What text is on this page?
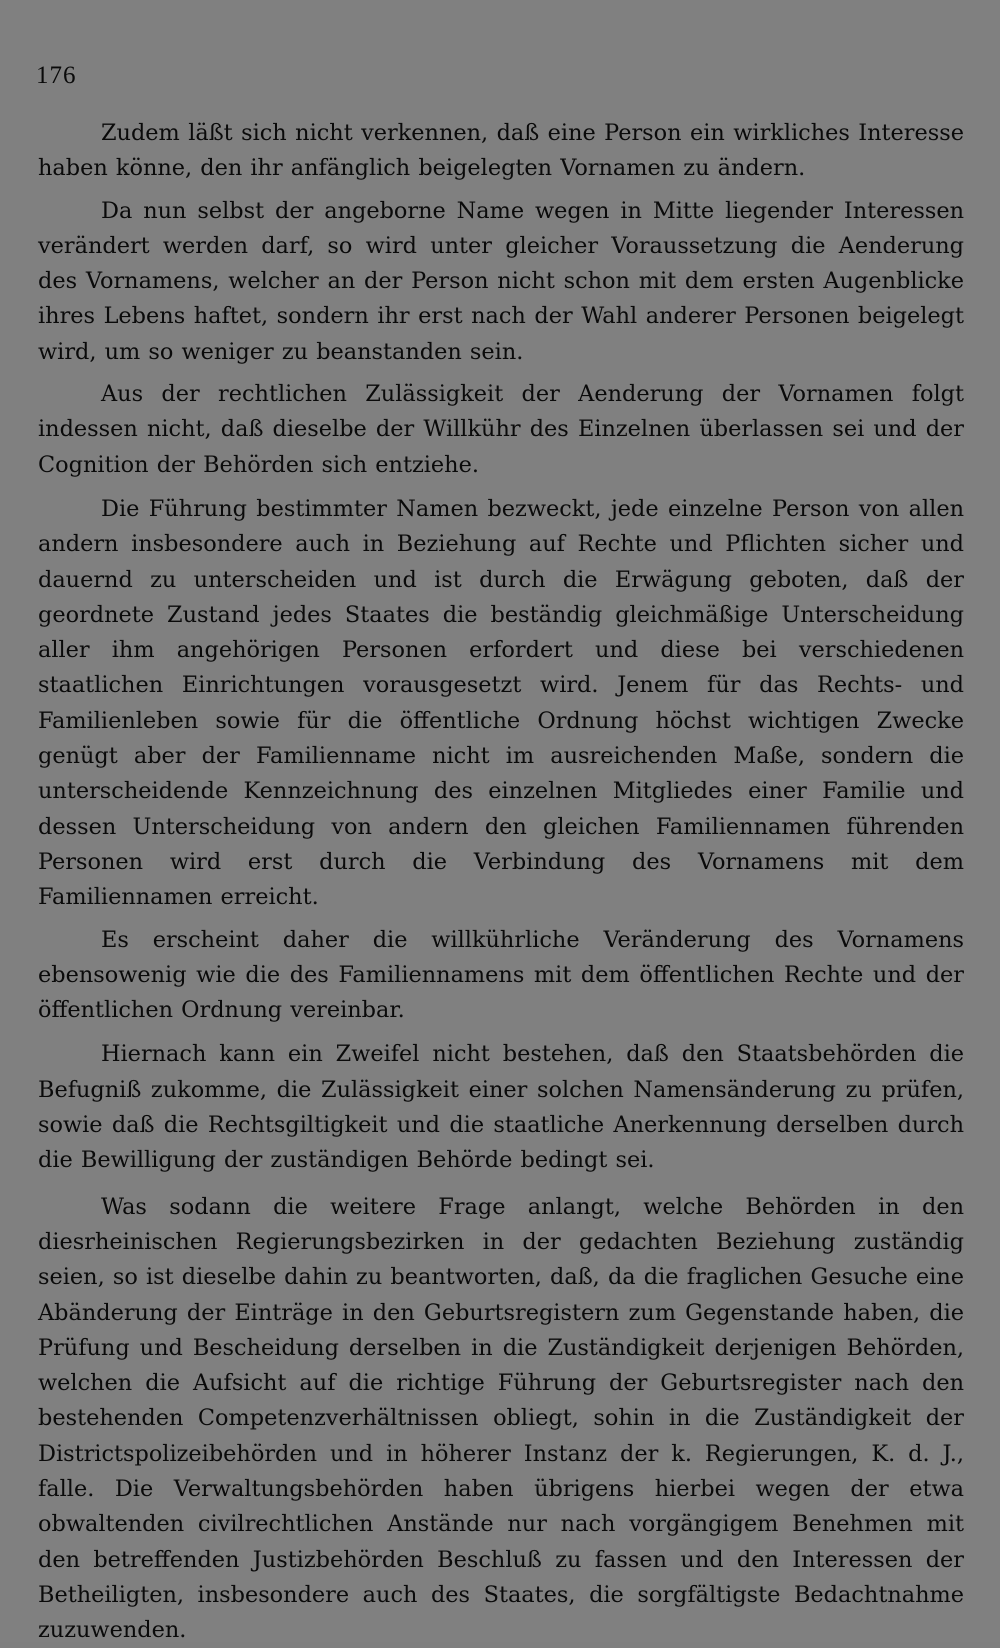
176

Zudem läßt sich nicht verkennen, daß eine Person ein wirkliches Interesse haben könne, den ihr anfänglich beigelegten Vornamen zu ändern.

Da nun selbst der angeborne Name wegen in Mitte liegender Interessen verändert werden darf, so wird unter gleicher Voraussetzung die Aenderung des Vornamens, welcher an der Person nicht schon mit dem ersten Augenblicke ihres Lebens haftet, sondern ihr erst nach der Wahl anderer Personen beigelegt wird, um so weniger zu beanstanden sein.

Aus der rechtlichen Zulässigkeit der Aenderung der Vornamen folgt indessen nicht, daß dieselbe der Willkühr des Einzelnen überlassen sei und der Cognition der Behörden sich entziehe.

Die Führung bestimmter Namen bezweckt, jede einzelne Person von allen andern insbesondere auch in Beziehung auf Rechte und Pflichten sicher und dauernd zu unterscheiden und ist durch die Erwägung geboten, daß der geordnete Zustand jedes Staates die beständig gleichmäßige Unterscheidung aller ihm angehörigen Personen erfordert und diese bei verschiedenen staatlichen Einrichtungen vorausgesetzt wird. Jenem für das Rechts- und Familienleben sowie für die öffentliche Ordnung höchst wichtigen Zwecke genügt aber der Familienname nicht im ausreichenden Maße, sondern die unterscheidende Kennzeichnung des einzelnen Mitgliedes einer Familie und dessen Unterscheidung von andern den gleichen Familiennamen führenden Personen wird erst durch die Verbindung des Vornamens mit dem Familiennamen erreicht.

Es erscheint daher die willkührliche Veränderung des Vornamens ebensowenig wie die des Familiennamens mit dem öffentlichen Rechte und der öffentlichen Ordnung vereinbar.

Hiernach kann ein Zweifel nicht bestehen, daß den Staatsbehörden die Befugniß zukomme, die Zulässigkeit einer solchen Namensänderung zu prüfen, sowie daß die Rechtsgiltigkeit und die staatliche Anerkennung derselben durch die Bewilligung der zuständigen Behörde bedingt sei.

Was sodann die weitere Frage anlangt, welche Behörden in den diesrheinischen Regierungsbezirken in der gedachten Beziehung zuständig seien, so ist dieselbe dahin zu beantworten, daß, da die fraglichen Gesuche eine Abänderung der Einträge in den Geburtsregistern zum Gegenstande haben, die Prüfung und Bescheidung derselben in die Zuständigkeit derjenigen Behörden, welchen die Aufsicht auf die richtige Führung der Geburtsregister nach den bestehenden Competenzverhältnissen obliegt, sohin in die Zuständigkeit der Districtspolizeibehörden und in höherer Instanz der k. Regierungen, K. d. J., falle. Die Verwaltungsbehörden haben übrigens hierbei wegen der etwa obwaltenden civilrechtlichen Anstände nur nach vorgängigem Benehmen mit den betreffenden Justizbehörden Beschluß zu fassen und den Interessen der Betheiligten, insbesondere auch des Staates, die sorgfältigste Bedachtnahme zuzuwenden.
